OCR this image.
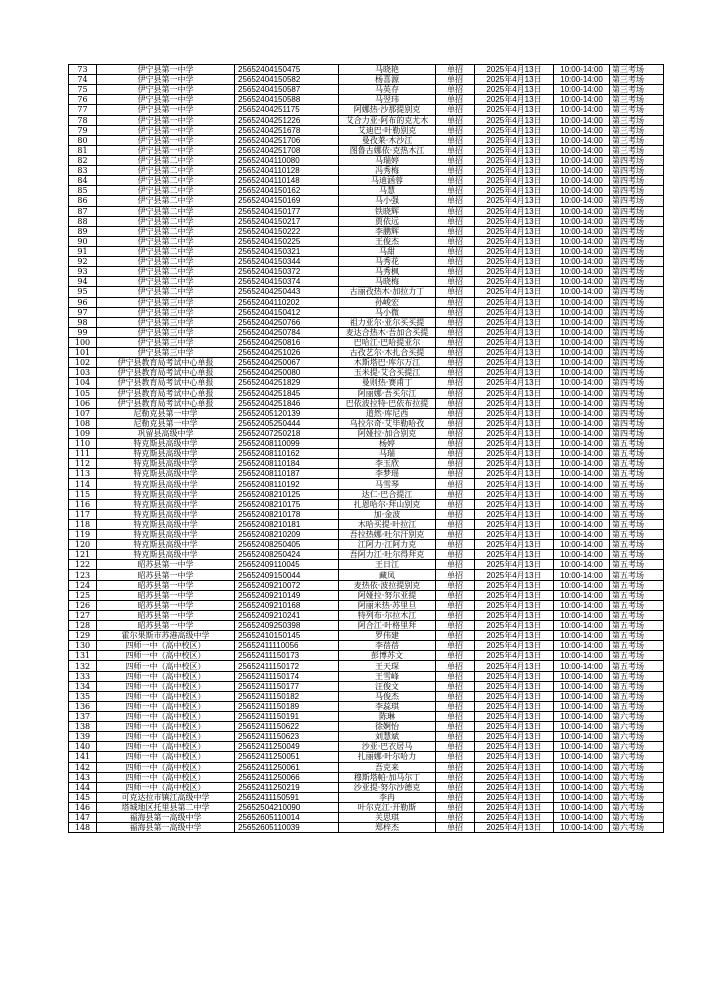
73	伊宁县第一中学	25652404150475	马晓艳	单招	2025年4月13日	10:00-14:00	第三考场
74	伊宁县第一中学	25652404150582	杨喜源	单招	2025年4月13日	10:00-14:00	第三考场
75	伊宁县第一中学	25652404150587	马英存	单招	2025年4月13日	10:00-14:00	第三考场
76	伊宁县第一中学	25652404150588	马翌玮	单招	2025年4月13日	10:00-14:00	第三考场
77	伊宁县第一中学	25652404251175	阿娜热·沙那提别克	单招	2025年4月13日	10:00-14:00	第三考场
78	伊宁县第一中学	25652404251226	艾合力亚·阿布的克尤木	单招	2025年4月13日	10:00-14:00	第三考场
79	伊宁县第一中学	25652404251678	艾迪巴·叶勒别克	单招	2025年4月13日	10:00-14:00	第三考场
80	伊宁县第一中学	25652404251706	曼孜莱·木沙江	单招	2025年4月13日	10:00-14:00	第三考场
81	伊宁县第一中学	25652404251708	图鲁古娜依·克热木江	单招	2025年4月13日	10:00-14:00	第三考场
82	伊宁县第二中学	25652404110080	马瑞婷	单招	2025年4月13日	10:00-14:00	第四考场
83	伊宁县第二中学	25652404110128	冯秀梅	单招	2025年4月13日	10:00-14:00	第四考场
84	伊宁县第二中学	25652404110148	马迪涵蓉	单招	2025年4月13日	10:00-14:00	第四考场
85	伊宁县第二中学	25652404150162	马慧	单招	2025年4月13日	10:00-14:00	第四考场
86	伊宁县第二中学	25652404150169	马小强	单招	2025年4月13日	10:00-14:00	第四考场
87	伊宁县第二中学	25652404150177	铁晓辉	单招	2025年4月13日	10:00-14:00	第四考场
88	伊宁县第二中学	25652404150217	贾依远	单招	2025年4月13日	10:00-14:00	第四考场
89	伊宁县第二中学	25652404150222	李鹏辉	单招	2025年4月13日	10:00-14:00	第四考场
90	伊宁县第二中学	25652404150225	王俊杰	单招	2025年4月13日	10:00-14:00	第四考场
91	伊宁县第二中学	25652404150321	马甜	单招	2025年4月13日	10:00-14:00	第四考场
92	伊宁县第二中学	25652404150344	马秀花	单招	2025年4月13日	10:00-14:00	第四考场
93	伊宁县第二中学	25652404150372	马秀枫	单招	2025年4月13日	10:00-14:00	第四考场
94	伊宁县第二中学	25652404150374	马晓梅	单招	2025年4月13日	10:00-14:00	第四考场
95	伊宁县第二中学	25652404250443	古丽孜热木·加拉力丁	单招	2025年4月13日	10:00-14:00	第四考场
96	伊宁县第三中学	25652404110202	孙峻宏	单招	2025年4月13日	10:00-14:00	第四考场
97	伊宁县第三中学	25652404150412	马小微	单招	2025年4月13日	10:00-14:00	第四考场
98	伊宁县第三中学	25652404250766	祖力亚尔·亚尔买买提	单招	2025年4月13日	10:00-14:00	第四考场
99	伊宁县第三中学	25652404250784	麦达合热木·吾加合买提	单招	2025年4月13日	10:00-14:00	第四考场
100	伊宁县第三中学	25652404250816	巴哈江·巴哈提亚尔	单招	2025年4月13日	10:00-14:00	第四考场
101	伊宁县第三中学	25652404251026	古孜艺尔·木扎合买提	单招	2025年4月13日	10:00-14:00	第四考场
102	伊宁县教育局考试中心单报	25652404250067	木斯塔巴·库尔万江	单招	2025年4月13日	10:00-14:00	第四考场
103	伊宁县教育局考试中心单报	25652404250080	玉米提·艾合买提江	单招	2025年4月13日	10:00-14:00	第四考场
104	伊宁县教育局考试中心单报	25652404251829	曼则热·赛甫丁	单招	2025年4月13日	10:00-14:00	第四考场
105	伊宁县教育局考试中心单报	25652404251845	阿丽娜·吾买尔江	单招	2025年4月13日	10:00-14:00	第四考场
106	伊宁县教育局考试中心单报	25652404251846	巴依波拉特·巴依布拉提	单招	2025年4月13日	10:00-14:00	第四考场
107	尼勒克县第一中学	25652405120139	道然·库尼西	单招	2025年4月13日	10:00-14:00	第四考场
108	尼勒克县第一中学	25652405250444	乌拉尔奇·艾毕勒哈孜	单招	2025年4月13日	10:00-14:00	第四考场
109	巩留县高级中学	25652407250218	阿娅拉·加合别克	单招	2025年4月13日	10:00-14:00	第四考场
110	特克斯县高级中学	25652408110099	杨婷	单招	2025年4月13日	10:00-14:00	第五考场
111	特克斯县高级中学	25652408110162	马瑞	单招	2025年4月13日	10:00-14:00	第五考场
112	特克斯县高级中学	25652408110184	李玉欣	单招	2025年4月13日	10:00-14:00	第五考场
113	特克斯县高级中学	25652408110187	李梦瑶	单招	2025年4月13日	10:00-14:00	第五考场
114	特克斯县高级中学	25652408110192	马雪琴	单招	2025年4月13日	10:00-14:00	第五考场
115	特克斯县高级中学	25652408210125	达仁·巴合提江	单招	2025年4月13日	10:00-14:00	第五考场
116	特克斯县高级中学	25652408210175	扎恩哈尔·拜山别克	单招	2025年4月13日	10:00-14:00	第五考场
117	特克斯县高级中学	25652408210178	加·金波	单招	2025年4月13日	10:00-14:00	第五考场
118	特克斯县高级中学	25652408210181	木哈买提·叶拉江	单招	2025年4月13日	10:00-14:00	第五考场
119	特克斯县高级中学	25652408210209	吾拉热娜·吐尔汗别克	单招	2025年4月13日	10:00-14:00	第五考场
120	特克斯县高级中学	25652408250405	江阿力·江阿力克	单招	2025年4月13日	10:00-14:00	第五考场
121	特克斯县高级中学	25652408250424	吾阿力江·吐尔得拜克	单招	2025年4月13日	10:00-14:00	第五考场
122	昭苏县第一中学	25652409110045	王日江	单招	2025年4月13日	10:00-14:00	第五考场
123	昭苏县第一中学	25652409150044	藏凤	单招	2025年4月13日	10:00-14:00	第五考场
124	昭苏县第一中学	25652409210072	麦热依·波拉提别克	单招	2025年4月13日	10:00-14:00	第五考场
125	昭苏县第一中学	25652409210149	阿娅拉·努尔亚提	单招	2025年4月13日	10:00-14:00	第五考场
126	昭苏县第一中学	25652409210168	阿丽米热·苏里旦	单招	2025年4月13日	10:00-14:00	第五考场
127	昭苏县第一中学	25652409210241	特列布·尔拉木江	单招	2025年4月13日	10:00-14:00	第五考场
128	昭苏县第一中学	25652409250398	阿合江·叶格里拜	单招	2025年4月13日	10:00-14:00	第五考场
129	霍尔果斯市苏港高级中学	25652410150145	罗伟建	单招	2025年4月13日	10:00-14:00	第五考场
130	四师一中（高中校区）	25652411110056	李蓓蓓	单招	2025年4月13日	10:00-14:00	第五考场
131	四师一中（高中校区）	25652411150173	彭博苏文	单招	2025年4月13日	10:00-14:00	第五考场
132	四师一中（高中校区）	25652411150172	王天琛	单招	2025年4月13日	10:00-14:00	第五考场
133	四师一中（高中校区）	25652411150174	王雪峰	单招	2025年4月13日	10:00-14:00	第五考场
134	四师一中（高中校区）	25652411150177	汪俊文	单招	2025年4月13日	10:00-14:00	第五考场
135	四师一中（高中校区）	25652411150182	马俊杰	单招	2025年4月13日	10:00-14:00	第五考场
136	四师一中（高中校区）	25652411150189	李蕊琪	单招	2025年4月13日	10:00-14:00	第五考场
137	四师一中（高中校区）	25652411150191	陈琳	单招	2025年4月13日	10:00-14:00	第六考场
138	四师一中（高中校区）	25652411150622	徐婀怡	单招	2025年4月13日	10:00-14:00	第六考场
139	四师一中（高中校区）	25652411150623	刘慧斌	单招	2025年4月13日	10:00-14:00	第六考场
140	四师一中（高中校区）	25652411250049	沙亚·巴衣居马	单招	2025年4月13日	10:00-14:00	第六考场
141	四师一中（高中校区）	25652411250051	扎丽娜·叶尔哈力	单招	2025年4月13日	10:00-14:00	第六考场
142	四师一中（高中校区）	25652411250061	吾克来	单招	2025年4月13日	10:00-14:00	第六考场
143	四师一中（高中校区）	25652411250066	穆斯塔帕·加马尔丁	单招	2025年4月13日	10:00-14:00	第六考场
144	四师一中（高中校区）	25652411250219	沙亚提·努尔沙德克	单招	2025年4月13日	10:00-14:00	第六考场
145	可克达拉市镇江高级中学	25652411150591	李冉	单招	2025年4月13日	10:00-14:00	第六考场
146	塔城地区托里县第二中学	25652504210090	叶尔克江·开勒斯	单招	2025年4月13日	10:00-14:00	第六考场
147	福海县第一高级中学	25652605110014	关思琪	单招	2025年4月13日	10:00-14:00	第六考场
148	福海县第一高级中学	25652605110039	郑梓杰	单招	2025年4月13日	10:00-14:00	第六考场
